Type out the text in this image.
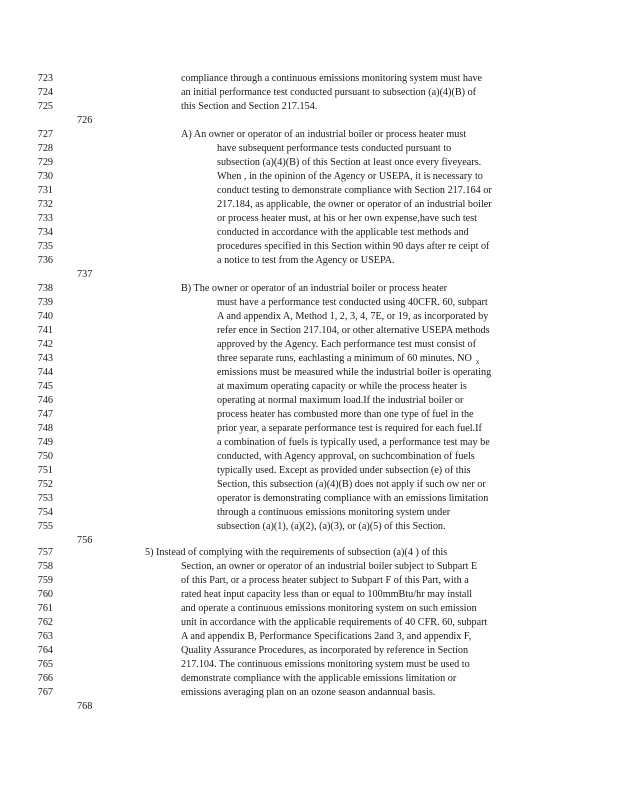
723	compliance through a continuous emissions monitoring system must have
724	an initial performance test conducted pursuant to subsection (a)(4)(B) of
725	this Section and Section 217.154.
726
727	A) An owner or operator of an industrial boiler or process heater must
728	have subsequent performance tests conducted pursuant to
729	subsection (a)(4)(B) of this Section at least once every fiveyears.
730	When , in the opinion of the Agency or USEPA, it is necessary to
731	conduct testing to demonstrate compliance with Section 217.164 or
732	217.184, as applicable, the owner or operator of an industrial boiler
733	or process heater must, at his or her own expense,have such test
734	conducted in accordance with the applicable test methods and
735	procedures specified in this Section within 90 days after re ceipt of
736	a notice to test from the Agency or USEPA.
737
738	B) The owner or operator of an industrial boiler or process heater
739	must have a performance test conducted using 40CFR. 60, subpart
740	A and appendix A, Method 1, 2, 3, 4, 7E, or 19, as incorporated by
741	refer ence in Section 217.104, or other alternative USEPA methods
742	approved by the Agency. Each performance test must consist of
743	three separate runs, eachlasting a minimum of 60 minutes. NO $_x$
744	emissions must be measured while the industrial boiler is operating
745	at maximum operating capacity or while the process heater is
746	operating at normal maximum load.If the industrial boiler or
747	process heater has combusted more than one type of fuel in the
748	prior year, a separate performance test is required for each fuel.If
749	a combination of fuels is typically used, a performance test may be
750	conducted, with Agency approval, on suchcombination of fuels
751	typically used. Except as provided under subsection (e) of this
752	Section, this subsection (a)(4)(B) does not apply if such ow ner or
753	operator is demonstrating compliance with an emissions limitation
754	through a continuous emissions monitoring system under
755	subsection (a)(1), (a)(2), (a)(3), or (a)(5) of this Section.
756
757	5) Instead of complying with the requirements of subsection (a)(4 ) of this
758	Section, an owner or operator of an industrial boiler subject to Subpart E
759	of this Part, or a process heater subject to Subpart F of this Part, with a
760	rated heat input capacity less than or equal to 100mmBtu/hr may install
761	and operate a continuous emissions monitoring system on such emission
762	unit in accordance with the applicable requirements of 40 CFR. 60, subpart
763	A and appendix B, Performance Specifications 2and 3, and appendix F,
764	Quality Assurance Procedures, as incorporated by reference in Section
765	217.104. The continuous emissions monitoring system must be used to
766	demonstrate compliance with the applicable emissions limitation or
767	emissions averaging plan on an ozone season andannual basis.
768
